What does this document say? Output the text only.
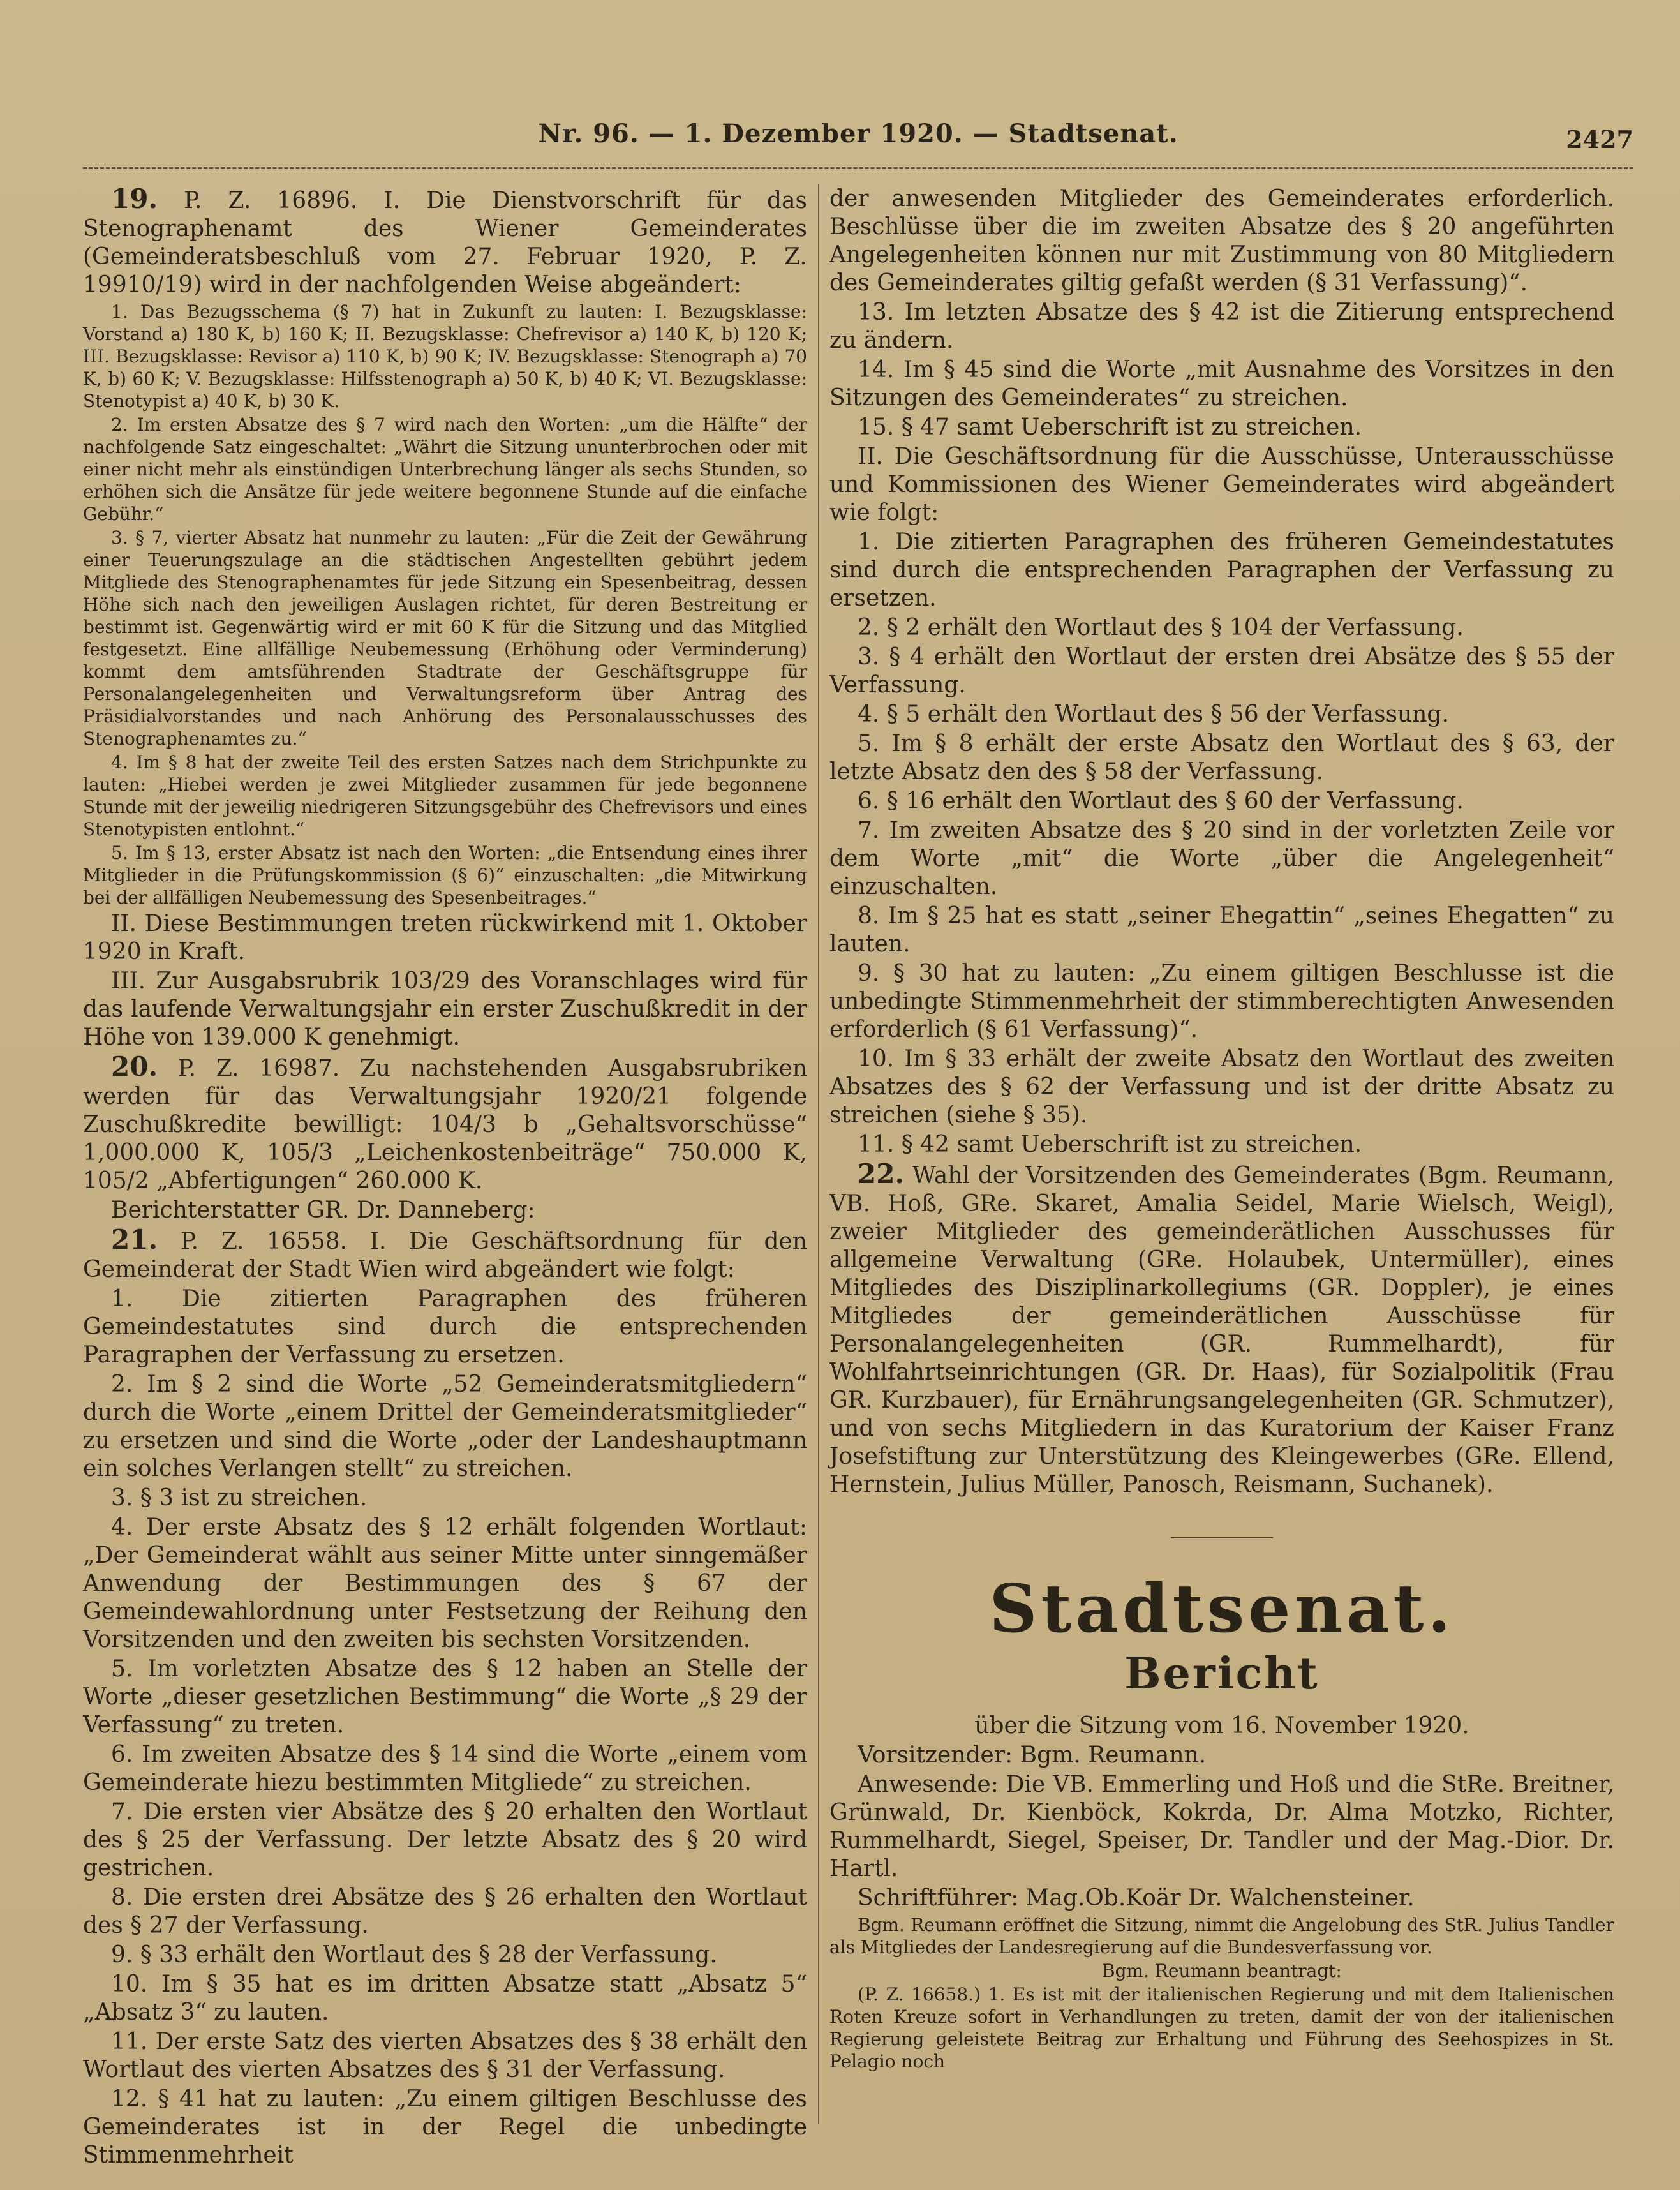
Nr. 96. — 1. Dezember 1920. — Stadtsenat.	2427

19. P. Z. 16896. I. Die Dienstvorschrift für das Stenographenamt des Wiener Gemeinderates (Gemeinderatsbeschluß vom 27. Februar 1920, P. Z. 19910/19) wird in der nachfolgenden Weise abgeändert:

1. Das Bezugsschema (§ 7) hat in Zukunft zu lauten: I. Bezugsklasse: Vorstand a) 180 K, b) 160 K; II. Bezugsklasse: Chefrevisor a) 140 K, b) 120 K; III. Bezugsklasse: Revisor a) 110 K, b) 90 K; IV. Bezugsklasse: Stenograph a) 70 K, b) 60 K; V. Bezugsklasse: Hilfsstenograph a) 50 K, b) 40 K; VI. Bezugsklasse: Stenotypist a) 40 K, b) 30 K.

2. Im ersten Absatze des § 7 wird nach den Worten: „um die Hälfte“ der nachfolgende Satz eingeschaltet: „Währt die Sitzung ununterbrochen oder mit einer nicht mehr als einstündigen Unterbrechung länger als sechs Stunden, so erhöhen sich die Ansätze für jede weitere begonnene Stunde auf die einfache Gebühr.“

3. § 7, vierter Absatz hat nunmehr zu lauten: „Für die Zeit der Gewährung einer Teuerungszulage an die städtischen Angestellten gebührt jedem Mitgliede des Stenographenamtes für jede Sitzung ein Spesenbeitrag, dessen Höhe sich nach den jeweiligen Auslagen richtet, für deren Bestreitung er bestimmt ist. Gegenwärtig wird er mit 60 K für die Sitzung und das Mitglied festgesetzt. Eine allfällige Neubemessung (Erhöhung oder Verminderung) kommt dem amtsführenden Stadtrate der Geschäftsgruppe für Personalangelegenheiten und Verwaltungsreform über Antrag des Präsidialvorstandes und nach Anhörung des Personalausschusses des Stenographenamtes zu.“

4. Im § 8 hat der zweite Teil des ersten Satzes nach dem Strichpunkte zu lauten: „Hiebei werden je zwei Mitglieder zusammen für jede begonnene Stunde mit der jeweilig niedrigeren Sitzungsgebühr des Chefrevisors und eines Stenotypisten entlohnt.“

5. Im § 13, erster Absatz ist nach den Worten: „die Entsendung eines ihrer Mitglieder in die Prüfungskommission (§ 6)“ einzuschalten: „die Mitwirkung bei der allfälligen Neubemessung des Spesenbeitrages.“

II. Diese Bestimmungen treten rückwirkend mit 1. Oktober 1920 in Kraft.

III. Zur Ausgabsrubrik 103/29 des Voranschlages wird für das laufende Verwaltungsjahr ein erster Zuschußkredit in der Höhe von 139.000 K genehmigt.

20. P. Z. 16987. Zu nachstehenden Ausgabsrubriken werden für das Verwaltungsjahr 1920/21 folgende Zuschußkredite bewilligt: 104/3 b „Gehaltsvorschüsse“ 1,000.000 K, 105/3 „Leichenkostenbeiträge“ 750.000 K, 105/2 „Abfertigungen“ 260.000 K.

Berichterstatter GR. Dr. Danneberg:

21. P. Z. 16558. I. Die Geschäftsordnung für den Gemeinderat der Stadt Wien wird abgeändert wie folgt:

1. Die zitierten Paragraphen des früheren Gemeindestatutes sind durch die entsprechenden Paragraphen der Verfassung zu ersetzen.

2. Im § 2 sind die Worte „52 Gemeinderatsmitgliedern“ durch die Worte „einem Drittel der Gemeinderatsmitglieder“ zu ersetzen und sind die Worte „oder der Landeshauptmann ein solches Verlangen stellt“ zu streichen.

3. § 3 ist zu streichen.

4. Der erste Absatz des § 12 erhält folgenden Wortlaut: „Der Gemeinderat wählt aus seiner Mitte unter sinngemäßer Anwendung der Bestimmungen des § 67 der Gemeindewahlordnung unter Festsetzung der Reihung den Vorsitzenden und den zweiten bis sechsten Vorsitzenden.

5. Im vorletzten Absatze des § 12 haben an Stelle der Worte „dieser gesetzlichen Bestimmung“ die Worte „§ 29 der Verfassung“ zu treten.

6. Im zweiten Absatze des § 14 sind die Worte „einem vom Gemeinderate hiezu bestimmten Mitgliede“ zu streichen.

7. Die ersten vier Absätze des § 20 erhalten den Wortlaut des § 25 der Verfassung. Der letzte Absatz des § 20 wird gestrichen.

8. Die ersten drei Absätze des § 26 erhalten den Wortlaut des § 27 der Verfassung.

9. § 33 erhält den Wortlaut des § 28 der Verfassung.

10. Im § 35 hat es im dritten Absatze statt „Absatz 5“ „Absatz 3“ zu lauten.

11. Der erste Satz des vierten Absatzes des § 38 erhält den Wortlaut des vierten Absatzes des § 31 der Verfassung.

12. § 41 hat zu lauten: „Zu einem giltigen Beschlusse des Gemeinderates ist in der Regel die unbedingte Stimmenmehrheit

der anwesenden Mitglieder des Gemeinderates erforderlich. Beschlüsse über die im zweiten Absatze des § 20 angeführten Angelegenheiten können nur mit Zustimmung von 80 Mitgliedern des Gemeinderates giltig gefaßt werden (§ 31 Verfassung)“.

13. Im letzten Absatze des § 42 ist die Zitierung entsprechend zu ändern.

14. Im § 45 sind die Worte „mit Ausnahme des Vorsitzes in den Sitzungen des Gemeinderates“ zu streichen.

15. § 47 samt Ueberschrift ist zu streichen.

II. Die Geschäftsordnung für die Ausschüsse, Unterausschüsse und Kommissionen des Wiener Gemeinderates wird abgeändert wie folgt:

1. Die zitierten Paragraphen des früheren Gemeindestatutes sind durch die entsprechenden Paragraphen der Verfassung zu ersetzen.

2. § 2 erhält den Wortlaut des § 104 der Verfassung.

3. § 4 erhält den Wortlaut der ersten drei Absätze des § 55 der Verfassung.

4. § 5 erhält den Wortlaut des § 56 der Verfassung.

5. Im § 8 erhält der erste Absatz den Wortlaut des § 63, der letzte Absatz den des § 58 der Verfassung.

6. § 16 erhält den Wortlaut des § 60 der Verfassung.

7. Im zweiten Absatze des § 20 sind in der vorletzten Zeile vor dem Worte „mit“ die Worte „über die Angelegenheit“ einzuschalten.

8. Im § 25 hat es statt „seiner Ehegattin“ „seines Ehegatten“ zu lauten.

9. § 30 hat zu lauten: „Zu einem giltigen Beschlusse ist die unbedingte Stimmenmehrheit der stimmberechtigten Anwesenden erforderlich (§ 61 Verfassung)“.

10. Im § 33 erhält der zweite Absatz den Wortlaut des zweiten Absatzes des § 62 der Verfassung und ist der dritte Absatz zu streichen (siehe § 35).

11. § 42 samt Ueberschrift ist zu streichen.

22. Wahl der Vorsitzenden des Gemeinderates (Bgm. Reumann, VB. Hoß, GRe. Skaret, Amalia Seidel, Marie Wielsch, Weigl), zweier Mitglieder des gemeinderätlichen Ausschusses für allgemeine Verwaltung (GRe. Holaubek, Untermüller), eines Mitgliedes des Disziplinarkollegiums (GR. Doppler), je eines Mitgliedes der gemeinderätlichen Ausschüsse für Personalangelegenheiten (GR. Rummelhardt), für Wohlfahrtseinrichtungen (GR. Dr. Haas), für Sozialpolitik (Frau GR. Kurzbauer), für Ernährungsangelegenheiten (GR. Schmutzer), und von sechs Mitgliedern in das Kuratorium der Kaiser Franz Josefstiftung zur Unterstützung des Kleingewerbes (GRe. Ellend, Hernstein, Julius Müller, Panosch, Reismann, Suchanek).

Stadtsenat.
Bericht

über die Sitzung vom 16. November 1920.

Vorsitzender: Bgm. Reumann.

Anwesende: Die VB. Emmerling und Hoß und die StRe. Breitner, Grünwald, Dr. Kienböck, Kokrda, Dr. Alma Motzko, Richter, Rummelhardt, Siegel, Speiser, Dr. Tandler und der Mag.-Dior. Dr. Hartl.

Schriftführer: Mag.Ob.Koär Dr. Walchensteiner.

Bgm. Reumann eröffnet die Sitzung, nimmt die Angelobung des StR. Julius Tandler als Mitgliedes der Landesregierung auf die Bundesverfassung vor.

Bgm. Reumann beantragt:

(P. Z. 16658.) 1. Es ist mit der italienischen Regierung und mit dem Italienischen Roten Kreuze sofort in Verhandlungen zu treten, damit der von der italienischen Regierung geleistete Beitrag zur Erhaltung und Führung des Seehospizes in St. Pelagio noch
